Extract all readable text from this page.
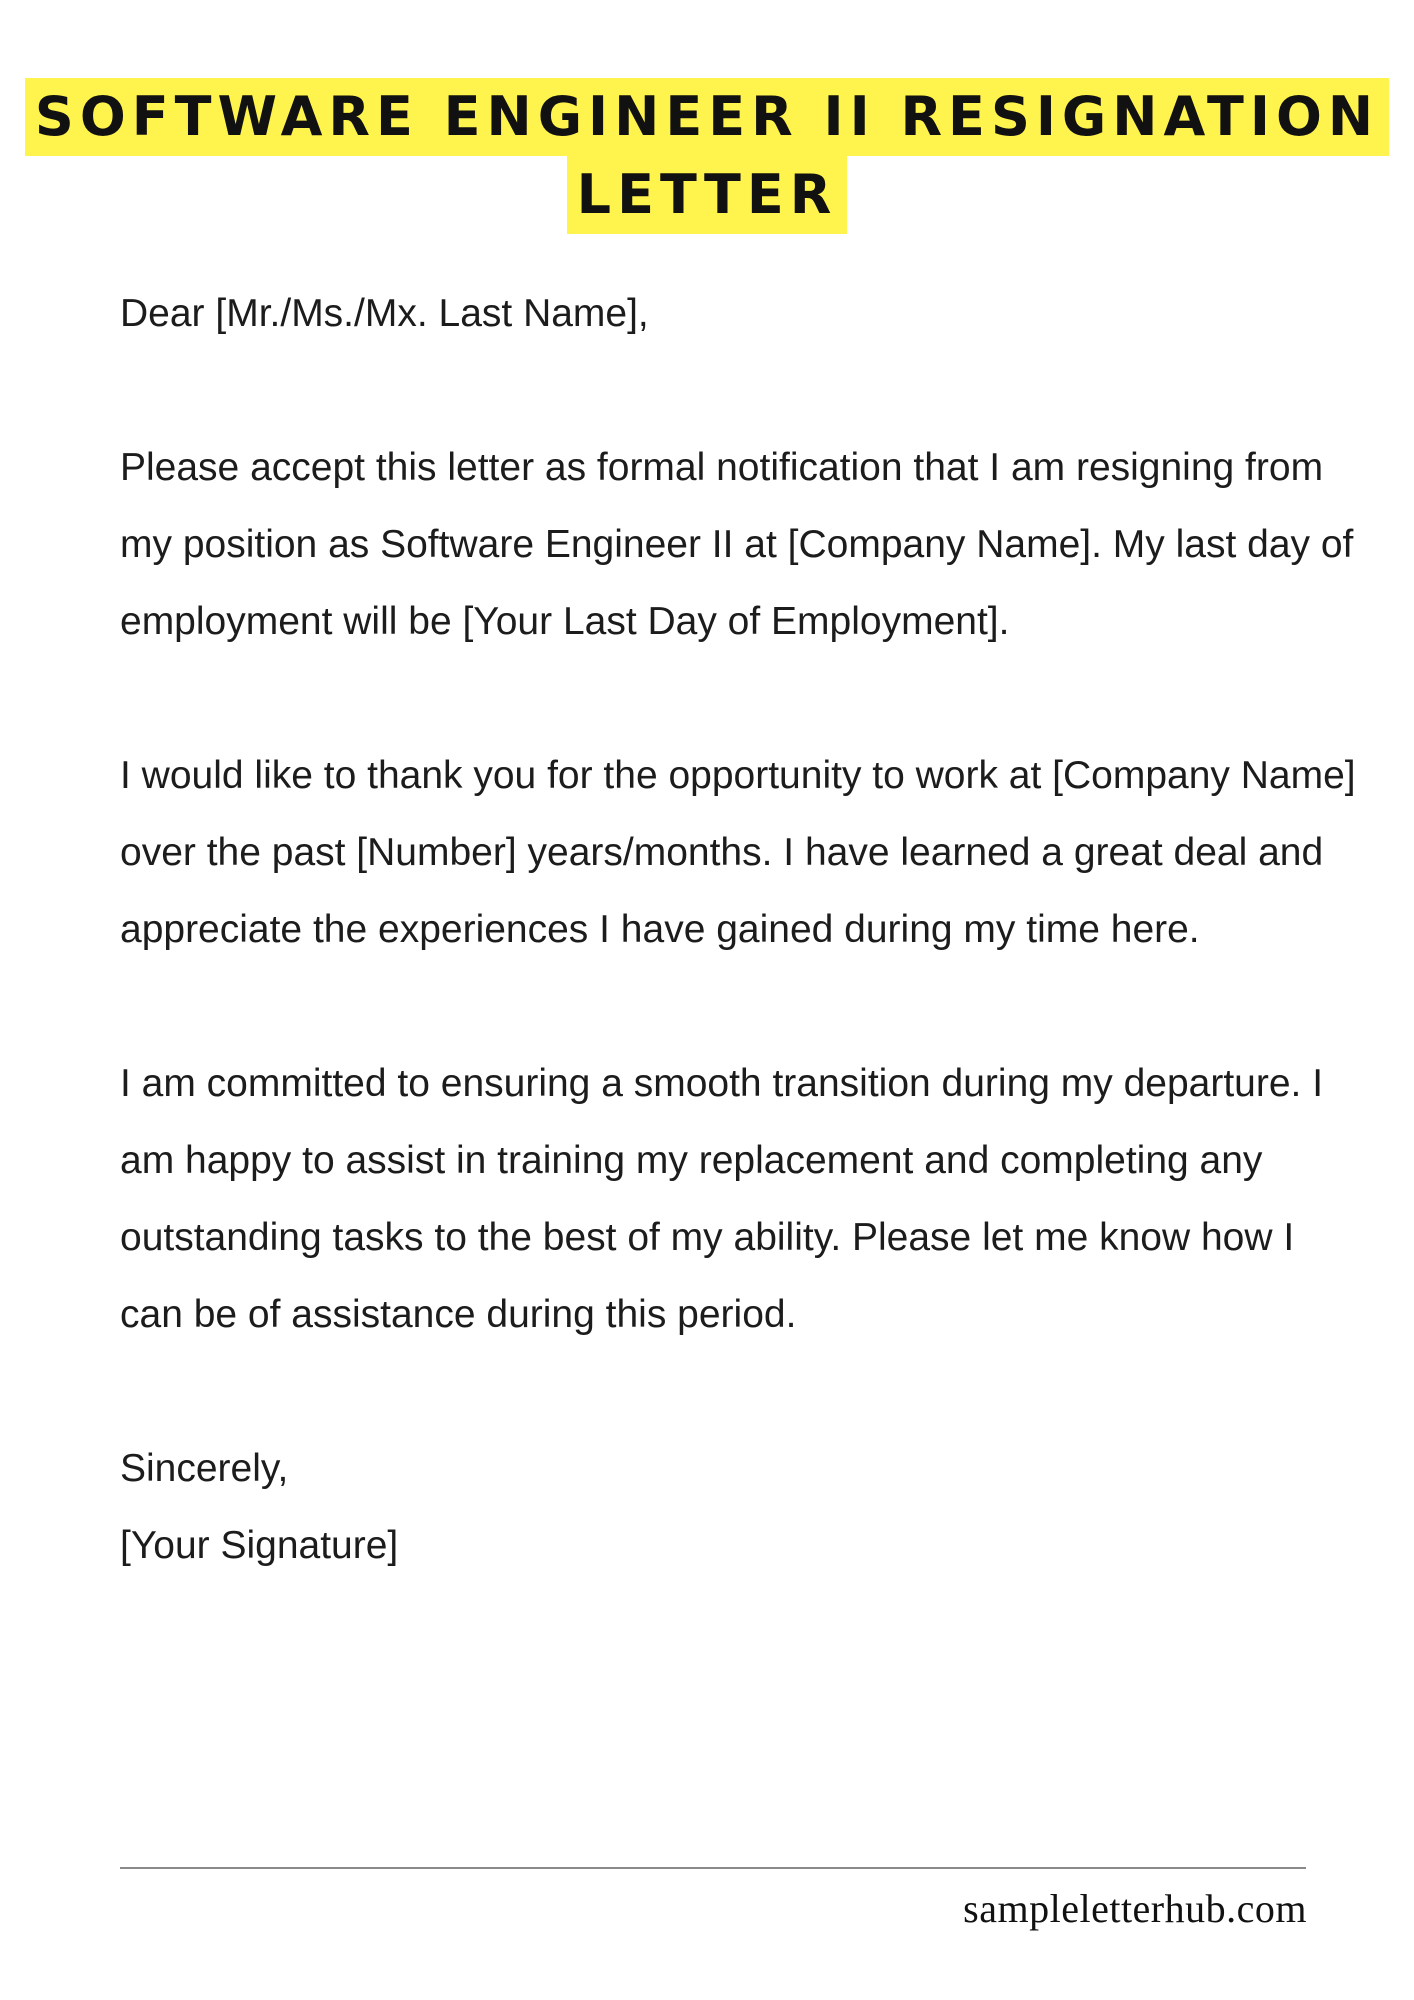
SOFTWARE ENGINEER II RESIGNATION
LETTER

Dear [Mr./Ms./Mx. Last Name],

Please accept this letter as formal notification that I am resigning from my position as Software Engineer II at [Company Name]. My last day of employment will be [Your Last Day of Employment].

I would like to thank you for the opportunity to work at [Company Name] over the past [Number] years/months. I have learned a great deal and appreciate the experiences I have gained during my time here.

I am committed to ensuring a smooth transition during my departure. I am happy to assist in training my replacement and completing any outstanding tasks to the best of my ability. Please let me know how I can be of assistance during this period.

Sincerely,
[Your Signature]
sampleletterhub.com
